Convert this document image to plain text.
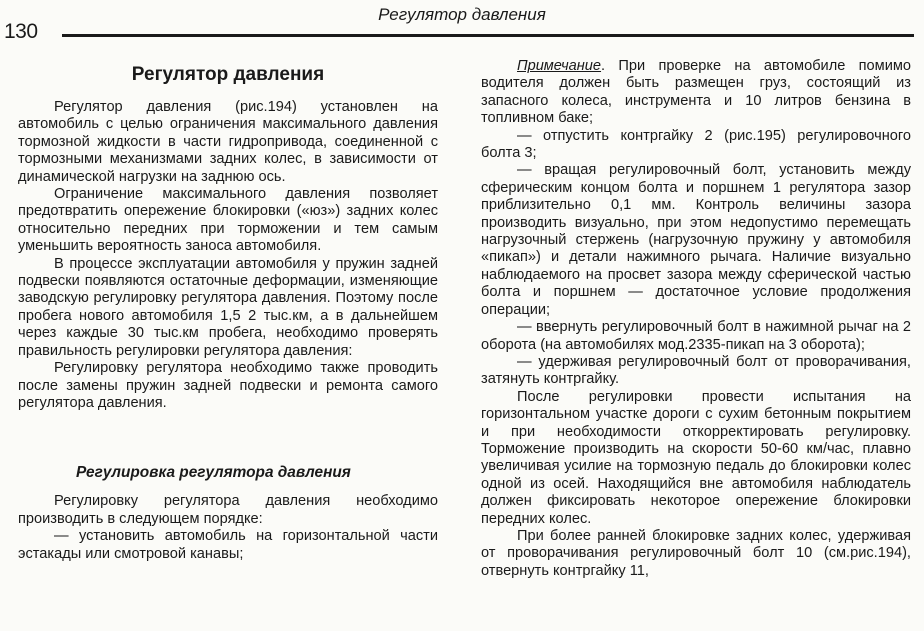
130
Регулятор давления
Регулятор давления

Регулятор давления (рис.194) установлен на автомобиль с целью ограничения максимального давления тормозной жидкости в части гидропривода, соединенной с тормозными механизмами задних колес, в зависимости от динамической нагрузки на заднюю ось.

Ограничение максимального давления позволяет предотвратить опережение блокировки («юз») задних колес относительно передних при торможении и тем самым уменьшить вероятность заноса автомобиля.

В процессе эксплуатации автомобиля у пружин задней подвески появляются остаточные деформации, изменяющие заводскую регулировку регулятора давления. Поэтому после пробега нового автомобиля 1,5 2 тыс.км, а в дальнейшем через каждые 30 тыс.км пробега, необходимо проверять правильность регулировки регулятора давления:

Регулировку регулятора необходимо также проводить после замены пружин задней подвески и ремонта самого регулятора давления.

Регулировка регулятора давления

Регулировку регулятора давления необходимо производить в следующем порядке:

— установить автомобиль на горизонтальной части эстакады или смотровой канавы;

Примечание. При проверке на автомобиле помимо водителя должен быть размещен груз, состоящий из запасного колеса, инструмента и 10 литров бензина в топливном баке;

— отпустить контргайку 2 (рис.195) регулировочного болта 3;

— вращая регулировочный болт, установить между сферическим концом болта и поршнем 1 регулятора зазор приблизительно 0,1 мм. Контроль величины зазора производить визуально, при этом недопустимо перемещать нагрузочный стержень (нагрузочную пружину у автомобиля «пикап») и детали нажимного рычага. Наличие визуально наблюдаемого на просвет зазора между сферической частью болта и поршнем — достаточное условие продолжения операции;

— ввернуть регулировочный болт в нажимной рычаг на 2 оборота (на автомобилях мод.2335-пикап на 3 оборота);

— удерживая регулировочный болт от проворачивания, затянуть контргайку.

После регулировки провести испытания на горизонтальном участке дороги с сухим бетонным покрытием и при необходимости откорректировать регулировку. Торможение производить на скорости 50-60 км/час, плавно увеличивая усилие на тормозную педаль до блокировки колес одной из осей. Находящийся вне автомобиля наблюдатель должен фиксировать некоторое опережение блокировки передних колес.

При более ранней блокировке задних колес, удерживая от проворачивания регулировочный болт 10 (см.рис.194), отвернуть контргайку 11,
